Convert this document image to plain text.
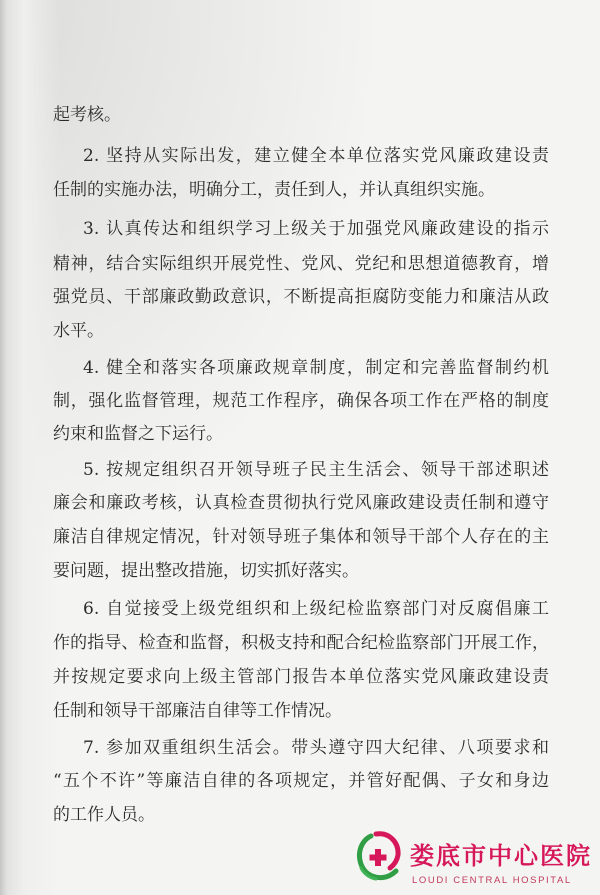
起考核。
2. 坚持从实际出发，建立健全本单位落实党风廉政建设责
任制的实施办法，明确分工，责任到人，并认真组织实施。
3. 认真传达和组织学习上级关于加强党风廉政建设的指示
精神，结合实际组织开展党性、党风、党纪和思想道德教育，增
强党员、干部廉政勤政意识，不断提高拒腐防变能力和廉洁从政
水平。
4. 健全和落实各项廉政规章制度，制定和完善监督制约机
制，强化监督管理，规范工作程序，确保各项工作在严格的制度
约束和监督之下运行。
5. 按规定组织召开领导班子民主生活会、领导干部述职述
廉会和廉政考核，认真检查贯彻执行党风廉政建设责任制和遵守
廉洁自律规定情况，针对领导班子集体和领导干部个人存在的主
要问题，提出整改措施，切实抓好落实。
6. 自觉接受上级党组织和上级纪检监察部门对反腐倡廉工
作的指导、检查和监督，积极支持和配合纪检监察部门开展工作，
并按规定要求向上级主管部门报告本单位落实党风廉政建设责
任制和领导干部廉洁自律等工作情况。
7. 参加双重组织生活会。带头遵守四大纪律、八项要求和
“五个不许”等廉洁自律的各项规定，并管好配偶、子女和身边
的工作人员。
娄底市中心医院
LOUDI CENTRAL HOSPITAL
